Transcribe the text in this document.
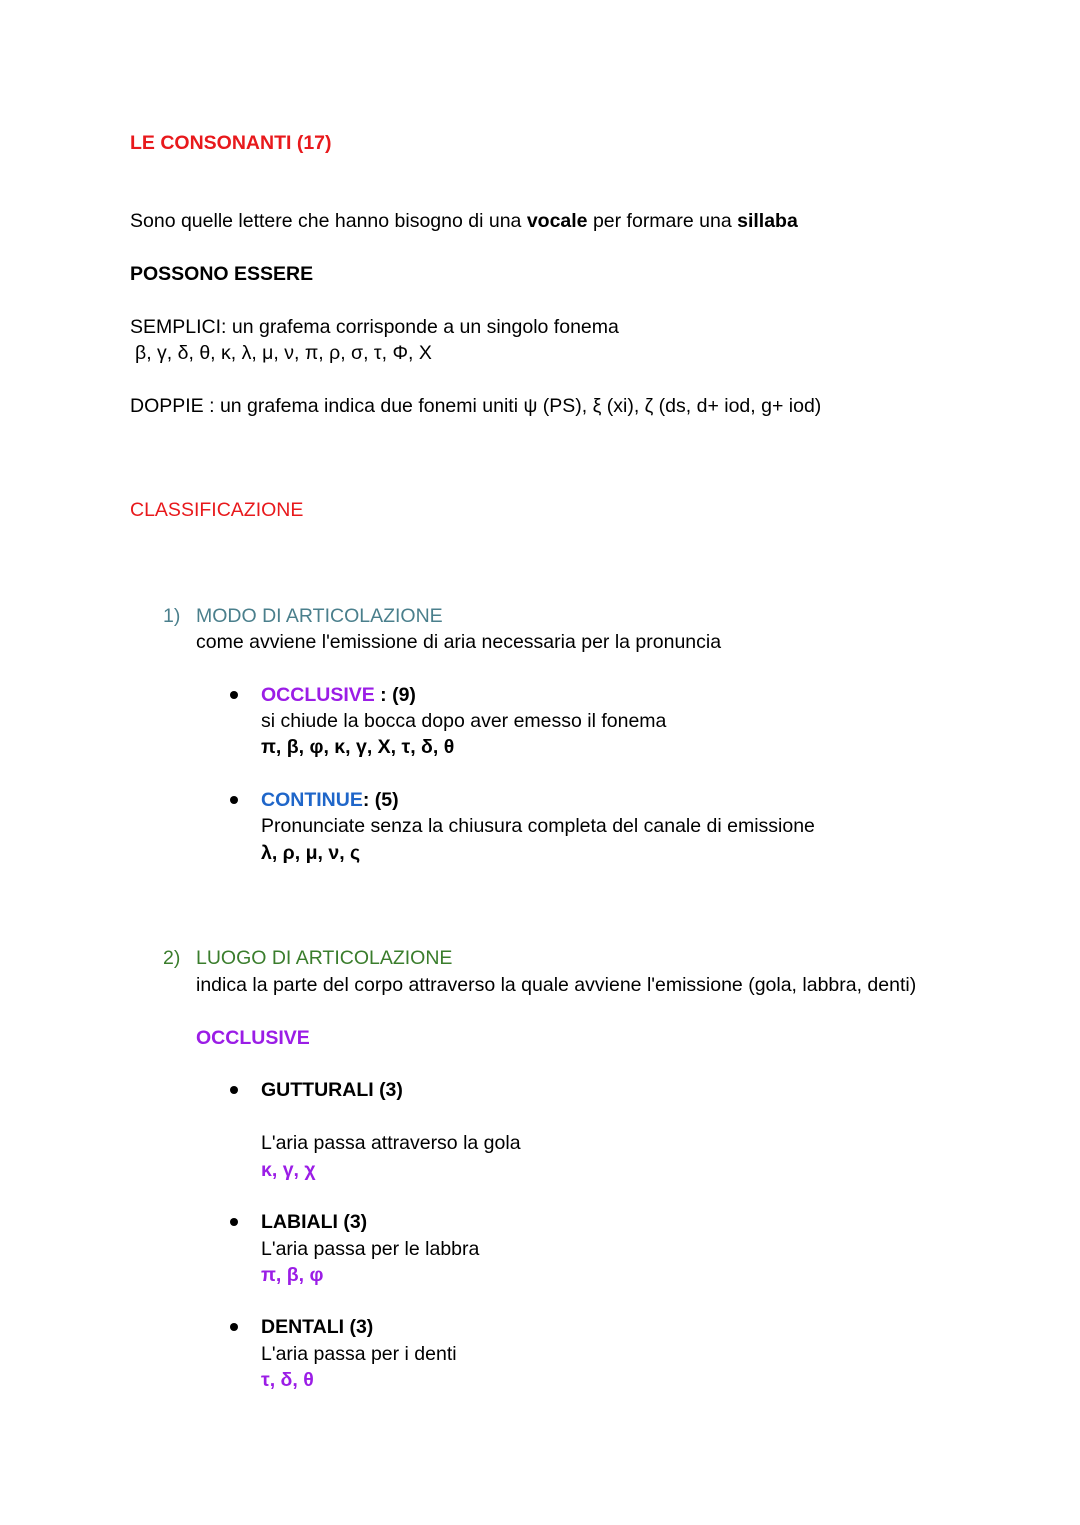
LE CONSONANTI (17)
Sono quelle lettere che hanno bisogno di una vocale per formare una sillaba
POSSONO ESSERE
SEMPLICI: un grafema corrisponde a un singolo fonema
β, γ, δ, θ, κ, λ, μ, ν, π, ρ, σ, τ, Φ, Χ
DOPPIE : un grafema indica due fonemi uniti ψ (PS), ξ (xi), ζ (ds, d+ iod, g+ iod)
CLASSIFICAZIONE
1) MODO DI ARTICOLAZIONE
come avviene l'emissione di aria necessaria per la pronuncia
OCCLUSIVE : (9)
si chiude la bocca dopo aver emesso il fonema
π, β, φ, κ, γ, Χ, τ, δ, θ
CONTINUE: (5)
Pronunciate senza la chiusura completa del canale di emissione
λ, ρ, μ, ν, ς
2) LUOGO DI ARTICOLAZIONE
indica la parte del corpo attraverso la quale avviene l'emissione (gola, labbra, denti)
OCCLUSIVE
GUTTURALI (3)
L'aria passa attraverso la gola
κ, γ, χ
LABIALI (3)
L'aria passa per le labbra
π, β, φ
DENTALI (3)
L'aria passa per i denti
τ, δ, θ
